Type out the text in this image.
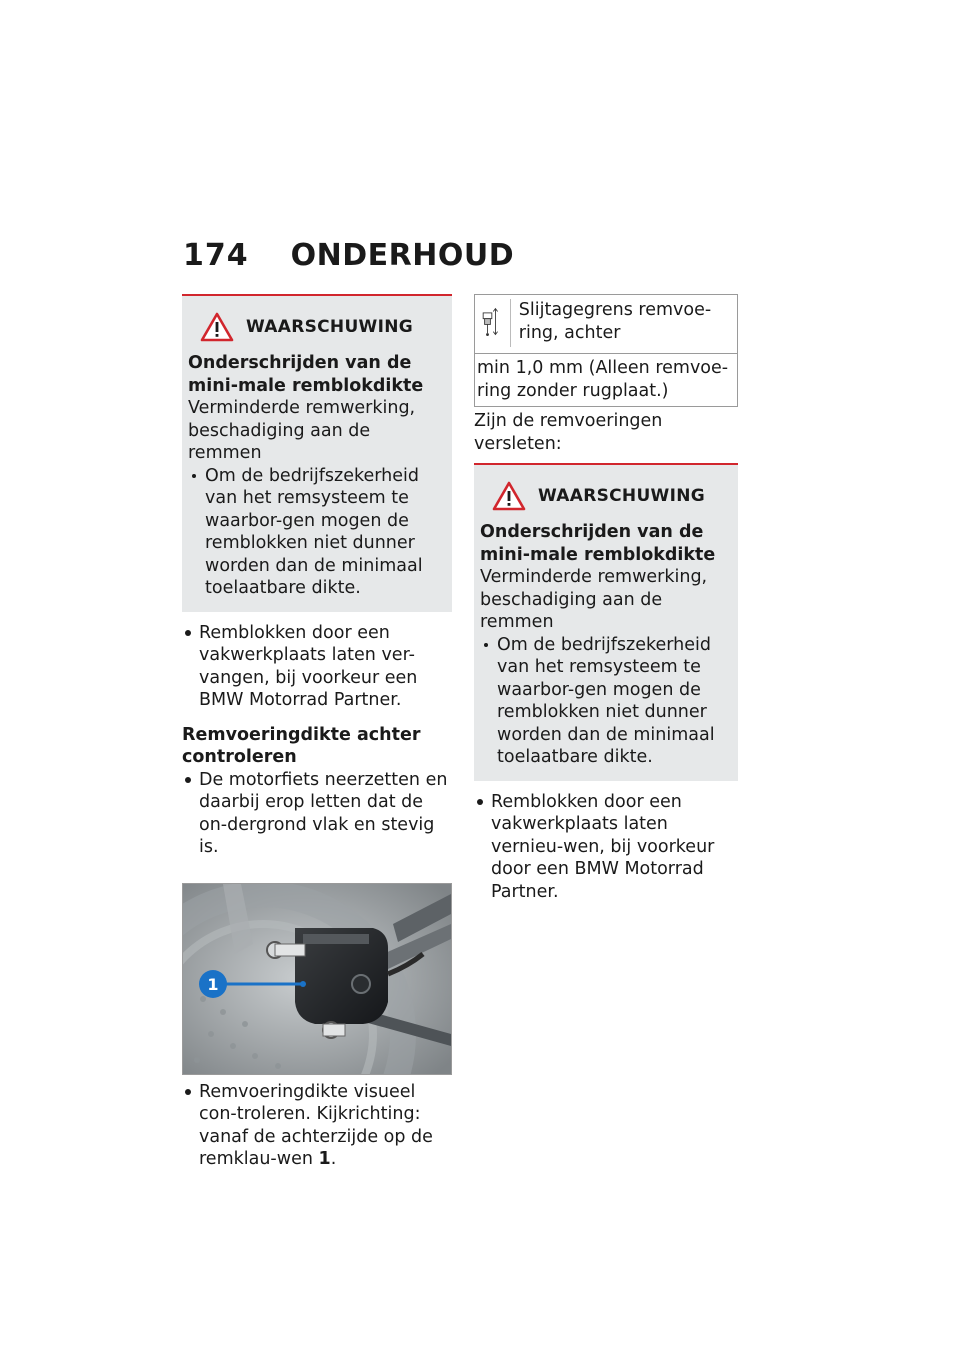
174 ONDERHOUD
WAARSCHUWING
Onderschrijden van de mini-male remblokdikte
Verminderde remwerking, beschadiging aan de remmen
Om de bedrijfszekerheid van het remsysteem te waarbor-gen mogen de remblokken niet dunner worden dan de minimaal toelaatbare dikte.
Remblokken door een vakwerkplaats laten ver-vangen, bij voorkeur een BMW Motorrad Partner.
Remvoeringdikte achter controleren
De motorfiets neerzetten en daarbij erop letten dat de on-dergrond vlak en stevig is.
1
Remvoeringdikte visueel con-troleren. Kijkrichting: vanaf de achterzijde op de remklau-wen 1.
Slijtagegrens remvoe-ring, achter
min 1,0 mm (Alleen remvoe-ring zonder rugplaat.)
Zijn de remvoeringen versleten:
WAARSCHUWING
Onderschrijden van de mini-male remblokdikte
Verminderde remwerking, beschadiging aan de remmen
Om de bedrijfszekerheid van het remsysteem te waarbor-gen mogen de remblokken niet dunner worden dan de minimaal toelaatbare dikte.
Remblokken door een vakwerkplaats laten vernieu-wen, bij voorkeur door een BMW Motorrad Partner.
